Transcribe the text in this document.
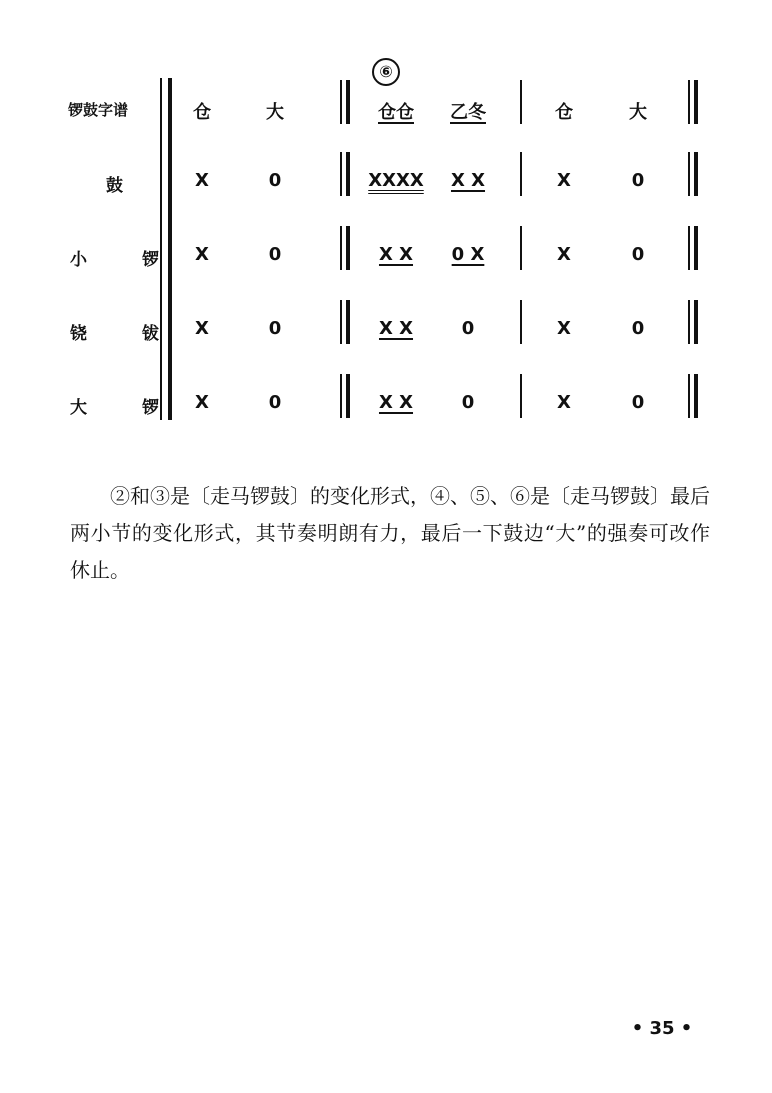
⑥
锣鼓字谱	仓	大	仓仓	乙冬	仓	大
鼓	X	0	XXXX	X X	X	0
小	锣	X	0	X X	0 X	X	0
铙	钹	X	0	X X	0	X	0
大	锣	X	0	X X	0	X	0

②和③是〔走马锣鼓〕的变化形式，④、⑤、⑥是〔走马锣鼓〕最后两小节的变化形式，其节奏明朗有力，最后一下鼓边“大”的强奏可改作休止。

• 35 •
